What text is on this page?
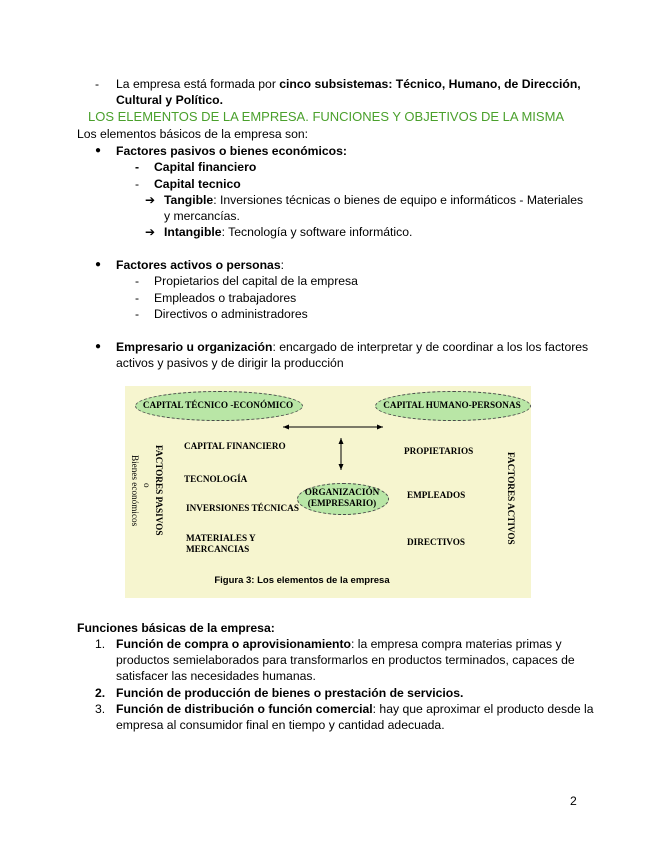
- La empresa está formada por cinco subsistemas: Técnico, Humano, de Dirección,
Cultural y Político.
LOS ELEMENTOS DE LA EMPRESA. FUNCIONES Y OBJETIVOS DE LA MISMA
Los elementos básicos de la empresa son:
● Factores pasivos o bienes económicos:
- Capital financiero
- Capital tecnico
➔ Tangible: Inversiones técnicas o bienes de equipo e informáticos - Materiales
y mercancías.
➔ Intangible: Tecnología y software informático.
● Factores activos o personas:
- Propietarios del capital de la empresa
- Empleados o trabajadores
- Directivos o administradores
● Empresario u organización: encargado de interpretar y de coordinar a los los factores
activos y pasivos y de dirigir la producción
CAPITAL TÉCNICO -ECONÓMICO	CAPITAL HUMANO-PERSONAS
FACTORES PASIVOS
o
Bienes económicos
CAPITAL FINANCIERO
TECNOLOGÍA
INVERSIONES TÉCNICAS
MATERIALES Y
MERCANCIAS
ORGANIZACIÓN
(EMPRESARIO)
PROPIETARIOS
EMPLEADOS
DIRECTIVOS	FACTORES ACTIVOS
Figura 3: Los elementos de la empresa
Funciones básicas de la empresa:
1. Función de compra o aprovisionamiento: la empresa compra materias primas y
productos semielaborados para transformarlos en productos terminados, capaces de
satisfacer las necesidades humanas.
2. Función de producción de bienes o prestación de servicios.
3. Función de distribución o función comercial: hay que aproximar el producto desde la
empresa al consumidor final en tiempo y cantidad adecuada.
2
